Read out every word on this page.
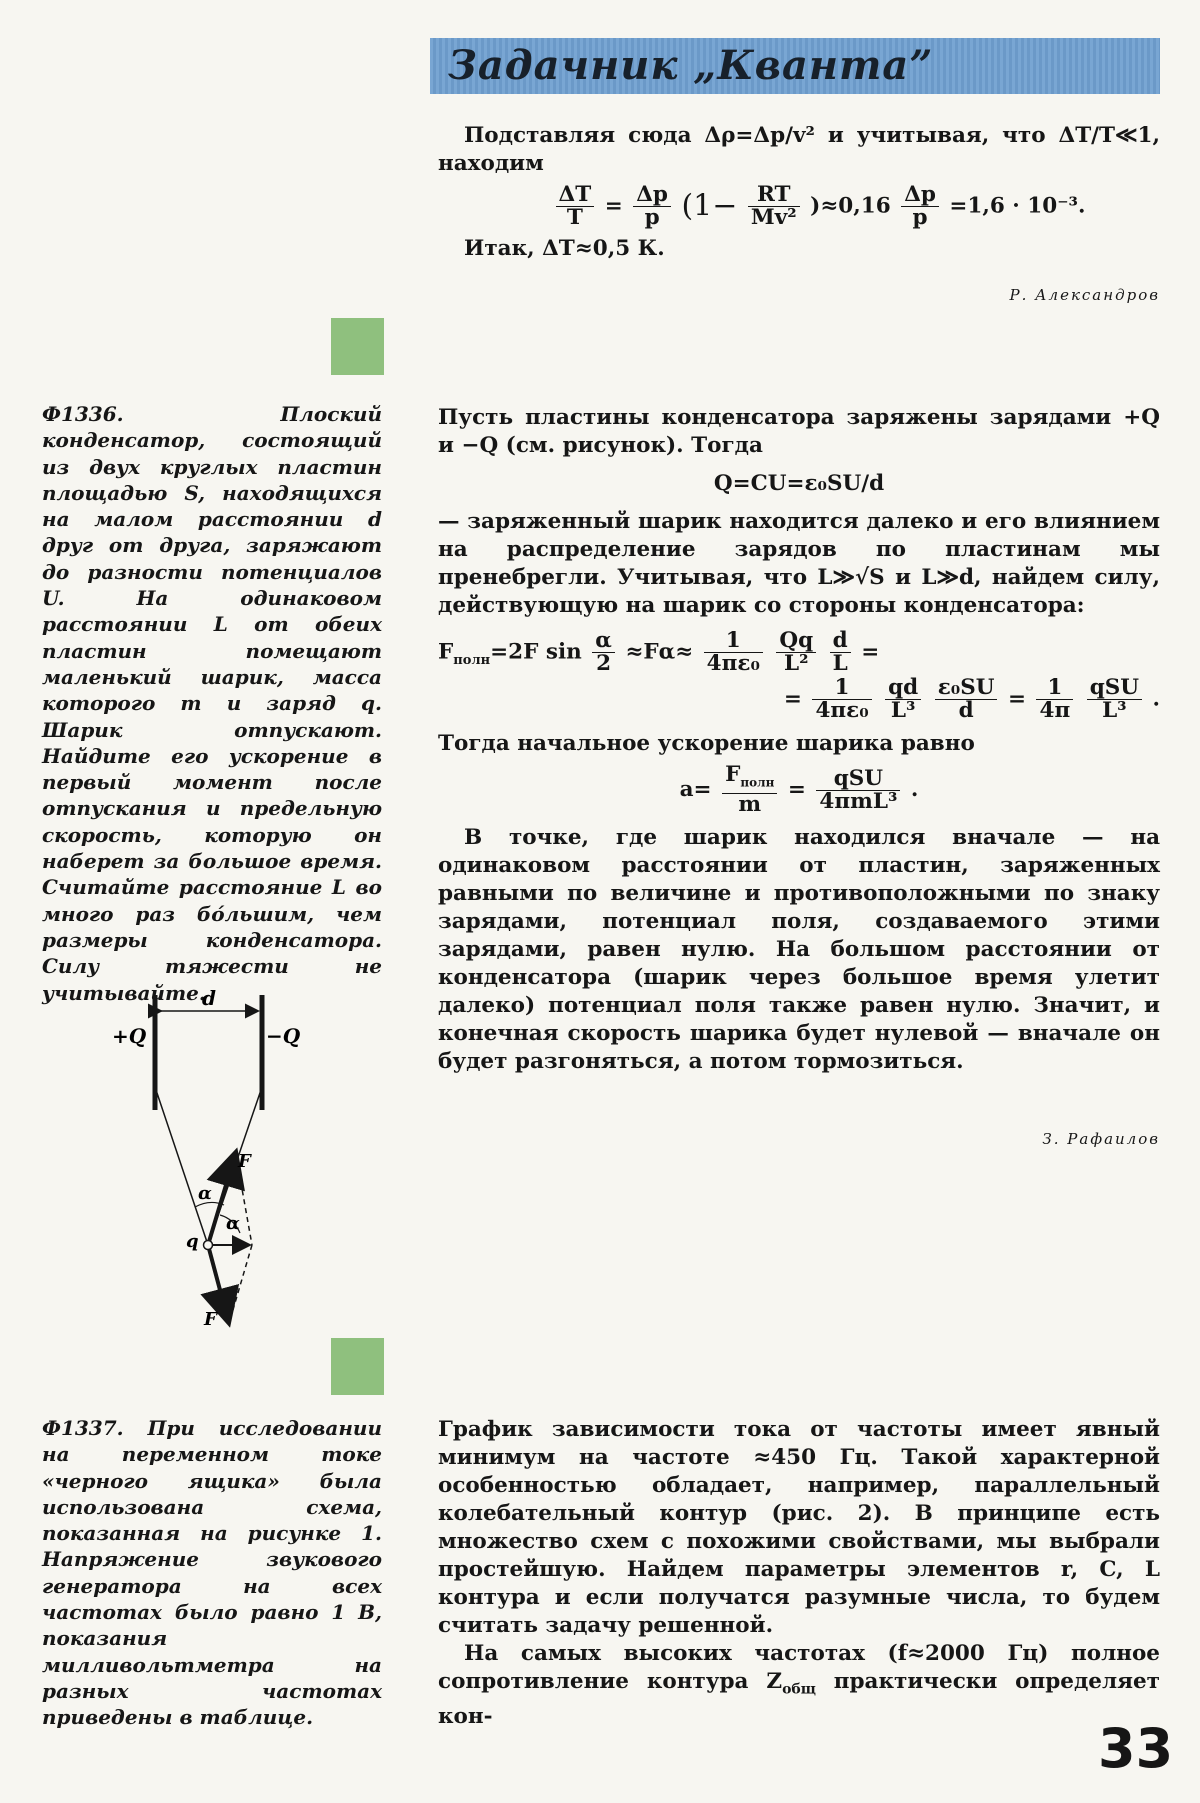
Задачник „Кванта”

Подставляя сюда Δρ=Δp/v² и учитывая, что ΔT/T≪1, находим

$\frac{\Delta T}{T} = \frac{\Delta p}{p} (1- \frac{RT}{\text{Mv²}} )\approx 0,16 \frac{\Delta p}{p} =1,6 \cdot 10^{-3}$.

Итак, ΔT≈0,5 К.

Р. Александров
Ф1336.	Плоский конденсатор, состоящий из двух круглых пластин площадью S, находящихся на малом расстоянии d друг от друга, заряжают до разности потенциалов U. На одинаковом расстоянии L от обеих пластин помещают маленький шарик, масса которого m и заряд q. Шарик отпускают. Найдите его ускорение в первый момент после отпускания и предельную скорость, которую он наберет за большое время. Считайте расстояние L во много раз бо́льшим, чем размеры конденсатора. Силу тяжести не учитывайте.

Пусть пластины конденсатора заряжены зарядами +Q и −Q (см. рисунок). Тогда

Q=CU=ε₀SU/d

— заряженный шарик находится далеко и его влиянием на распределение зарядов по пластинам мы пренебрегли. Учитывая, что L≫√S и L≫d, найдем силу, действующую на шарик со стороны конденсатора:

$F_{полн}=2F$ $\sin \frac{\alpha}{2} \approx F\alpha\approx \frac{1}{\text{4πε₀}}$
$\frac{Qq}{\text{L²}}$
$\frac{d}{L}$ =
= $\frac{1}{\text{4πε₀}}$
$\frac{qd}{\text{L³}}$
$\frac{\text{ε₀SU}}{d} = \frac{1}{4\pi}$
$\frac{\text{qSU}}{\text{L³}}$ .

Тогда начальное ускорение шарика равно

$a= \frac{F_{полн}}{m} = \frac{\text{qSU}}{\text{4πmL³}}$ .

В точке, где шарик находился вначале — на одинаковом расстоянии от пластин, заряженных равными по величине и противоположными по знаку зарядами, потенциал поля, создаваемого этими зарядами, равен нулю. На большом расстоянии от конденсатора (шарик через большое время улетит далеко) потенциал поля также равен нулю. Значит, и конечная скорость шарика будет нулевой — вначале он будет разгоняться, а потом тормозиться.

З. Рафаилов
d
+Q	−Q
F
F
α
α
q
Ф1337. При исследовании на переменном токе «черного ящика» была использована схема, показанная на рисунке 1. Напряжение звукового генератора на всех частотах было равно 1 В, показания милливольтметра на разных частотах приведены в таблице.

График зависимости тока от частоты имеет явный минимум на частоте ≈450 Гц. Такой характерной особенностью обладает, например, параллельный колебательный контур (рис. 2). В принципе есть множество схем с похожими свойствами, мы выбрали простейшую. Найдем параметры элементов r, C, L контура и если получатся разумные числа, то будем считать задачу решенной.

На самых высоких частотах (f≈2000 Гц) полное сопротивление контура $Z_{общ}$ практически определяет кон-

33
